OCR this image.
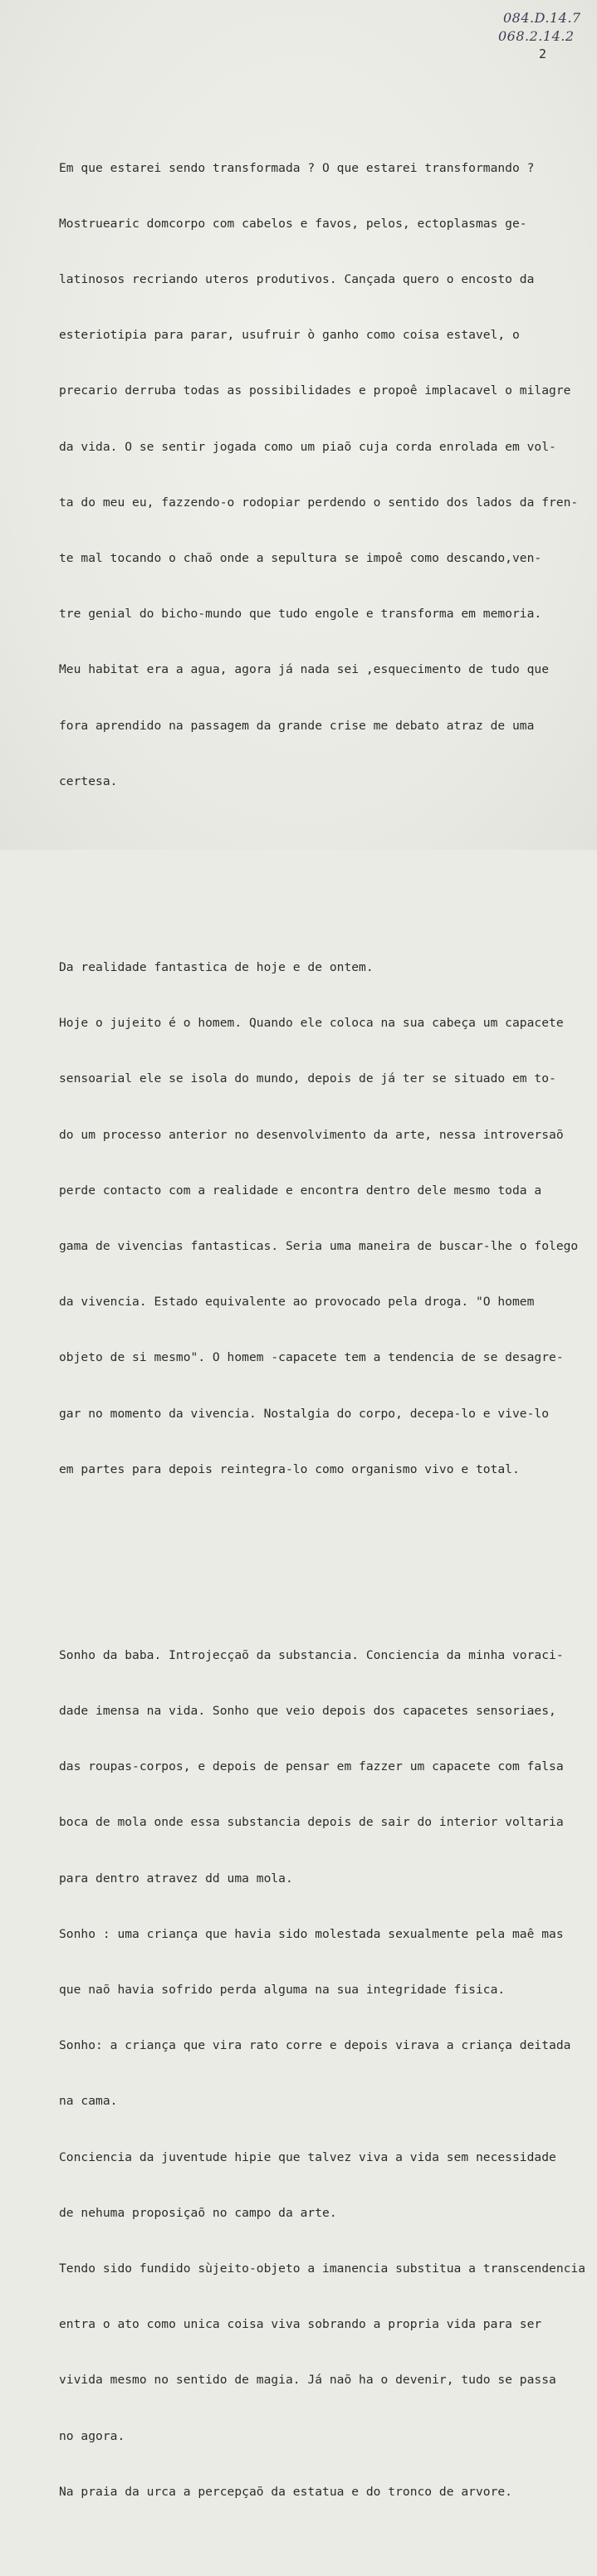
084.D.14.7
068.2.14.2
2

Em que estarei sendo transformada ? O que estarei transformando ?

Mostruearic domcorpo com cabelos e favos, pelos, ectoplasmas ge-

latinosos recriando uteros produtivos. Cançada quero o encosto da

esteriotipia para parar, usufruir ò ganho como coisa estavel, o

precario derruba todas as possibilidades e propoê implacavel o milagre

da vida. O se sentir jogada como um piaõ cuja corda enrolada em vol-

ta do meu eu, fazzendo-o rodopiar perdendo o sentido dos lados da fren-

te mal tocando o chaõ onde a sepultura se impoê como descando,ven-

tre genial do bicho-mundo que tudo engole e transforma em memoria.

Meu habitat era a agua, agora já nada sei ,esquecimento de tudo que

fora aprendido na passagem da grande crise me debato atraz de uma

certesa.

Da realidade fantastica de hoje e de ontem.

Hoje o jujeito é o homem. Quando ele coloca na sua cabeça um capacete

sensoarial ele se isola do mundo, depois de já ter se situado em to-

do um processo anterior no desenvolvimento da arte, nessa introversaõ

perde contacto com a realidade e encontra dentro dele mesmo toda a

gama de vivencias fantasticas. Seria uma maneira de buscar-lhe o folego

da vivencia. Estado equivalente ao provocado pela droga. "O homem

objeto de si mesmo". O homem -capacete tem a tendencia de se desagre-

gar no momento da vivencia. Nostalgia do corpo, decepa-lo e vive-lo

em partes para depois reintegra-lo como organismo vivo e total.

Sonho da baba. Introjecçaõ da substancia. Conciencia da minha voraci-

dade imensa na vida. Sonho que veio depois dos capacetes sensoriaes,

das roupas-corpos, e depois de pensar em fazzer um capacete com falsa

boca de mola onde essa substancia depois de sair do interior voltaria

para dentro atravez dd uma mola.

Sonho : uma criança que havia sido molestada sexualmente pela maê mas

que naõ havia sofrido perda alguma na sua integridade fisica.

Sonho: a criança que vira rato corre e depois virava a criança deitada

na cama.

Conciencia da juventude hipie que talvez viva a vida sem necessidade

de nehuma proposiçaõ no campo da arte.

Tendo sido fundido sùjeito-objeto a imanencia substitua a transcendencia

entra o ato como unica coisa viva sobrando a propria vida para ser

vivida mesmo no sentido de magia. Já naõ ha o devenir, tudo se passa

no agora.

Na praia da urca a percepçaõ da estatua e do tronco de arvore.
